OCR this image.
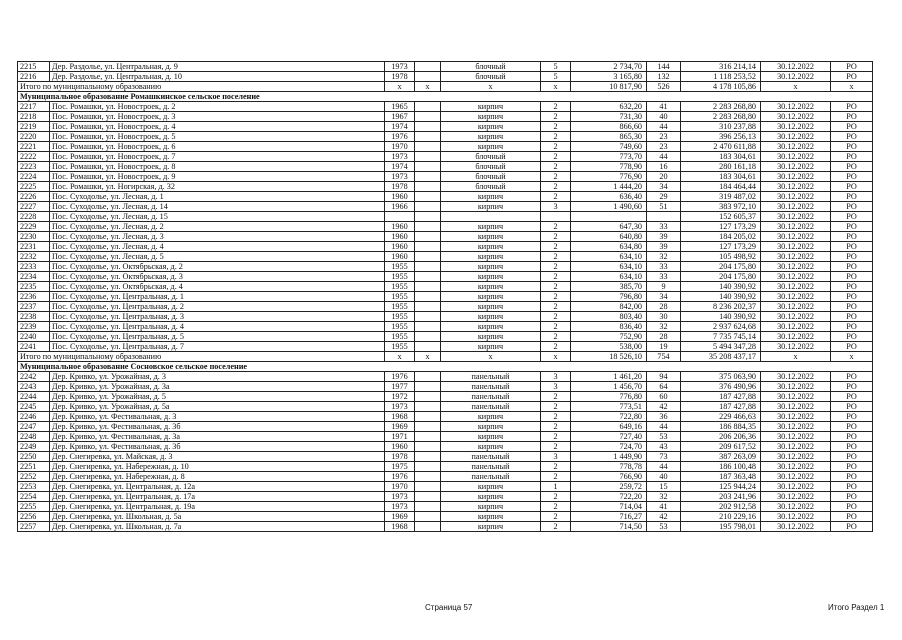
2215	Дер. Раздолье, ул. Центральная, д. 9	1973		блочный	5	2 734,70	144	316 214,14	30.12.2022	РО
2216	Дер. Раздолье, ул. Центральная, д. 10	1978		блочный	5	3 165,80	132	1 118 253,52	30.12.2022	РО
Итого по муниципальному образованию		x	x	x	x	10 817,90	526	4 178 105,86	x	x
Муниципальное образование Ромашкинское сельское поселение										
2217	Пос. Ромашки, ул. Новостроек, д. 2	1965		кирпич	2	632,20	41	2 283 268,80	30.12.2022	РО
2218	Пос. Ромашки, ул. Новостроек, д. 3	1967		кирпич	2	731,30	40	2 283 268,80	30.12.2022	РО
2219	Пос. Ромашки, ул. Новостроек, д. 4	1974		кирпич	2	866,60	44	310 237,88	30.12.2022	РО
2220	Пос. Ромашки, ул. Новостроек, д. 5	1976		кирпич	2	865,30	23	396 256,13	30.12.2022	РО
2221	Пос. Ромашки, ул. Новостроек, д. 6	1970		кирпич	2	749,60	23	2 470 611,88	30.12.2022	РО
2222	Пос. Ромашки, ул. Новостроек, д. 7	1973		блочный	2	773,70	44	183 304,61	30.12.2022	РО
2223	Пос. Ромашки, ул. Новостроек, д. 8	1974		блочный	2	778,90	16	280 161,18	30.12.2022	РО
2224	Пос. Ромашки, ул. Новостроек, д. 9	1973		блочный	2	776,90	20	183 304,61	30.12.2022	РО
2225	Пос. Ромашки, ул. Ногирская, д. 32	1978		блочный	2	1 444,20	34	184 464,44	30.12.2022	РО
2226	Пос. Суходолье, ул. Лесная, д. 1	1960		кирпич	2	636,40	29	319 487,02	30.12.2022	РО
2227	Пос. Суходолье, ул. Лесная, д. 14	1966		кирпич	3	1 490,60	51	383 972,10	30.12.2022	РО
2228	Пос. Суходолье, ул. Лесная, д. 15							152 605,37	30.12.2022	РО
2229	Пос. Суходолье, ул. Лесная, д. 2	1960		кирпич	2	647,30	33	127 173,29	30.12.2022	РО
2230	Пос. Суходолье, ул. Лесная, д. 3	1960		кирпич	2	640,80	39	184 205,02	30.12.2022	РО
2231	Пос. Суходолье, ул. Лесная, д. 4	1960		кирпич	2	634,80	39	127 173,29	30.12.2022	РО
2232	Пос. Суходолье, ул. Лесная, д. 5	1960		кирпич	2	634,10	32	105 498,92	30.12.2022	РО
2233	Пос. Суходолье, ул. Октябрьская, д. 2	1955		кирпич	2	634,10	33	204 175,80	30.12.2022	РО
2234	Пос. Суходолье, ул. Октябрьская, д. 3	1955		кирпич	2	634,10	33	204 175,80	30.12.2022	РО
2235	Пос. Суходолье, ул. Октябрьская, д. 4	1955		кирпич	2	385,70	9	140 390,92	30.12.2022	РО
2236	Пос. Суходолье, ул. Центральная, д. 1	1955		кирпич	2	796,80	34	140 390,92	30.12.2022	РО
2237	Пос. Суходолье, ул. Центральная, д. 2	1955		кирпич	2	842,00	28	8 236 202,37	30.12.2022	РО
2238	Пос. Суходолье, ул. Центральная, д. 3	1955		кирпич	2	803,40	30	140 390,92	30.12.2022	РО
2239	Пос. Суходолье, ул. Центральная, д. 4	1955		кирпич	2	836,40	32	2 937 624,68	30.12.2022	РО
2240	Пос. Суходолье, ул. Центральная, д. 5	1955		кирпич	2	752,90	28	7 735 745,14	30.12.2022	РО
2241	Пос. Суходолье, ул. Центральная, д. 7	1955		кирпич	2	538,00	19	5 494 347,28	30.12.2022	РО
Итого по муниципальному образованию		x	x	x	x	18 526,10	754	35 208 437,17	x	x
Муниципальное образование Сосновское сельское поселение										
2242	Дер. Кривко, ул. Урожайная, д. 3	1976		панельный	3	1 461,20	94	375 063,90	30.12.2022	РО
2243	Дер. Кривко, ул. Урожайная, д. 3а	1977		панельный	3	1 456,70	64	376 490,96	30.12.2022	РО
2244	Дер. Кривко, ул. Урожайная, д. 5	1972		панельный	2	776,80	60	187 427,88	30.12.2022	РО
2245	Дер. Кривко, ул. Урожайная, д. 5а	1973		панельный	2	773,51	42	187 427,88	30.12.2022	РО
2246	Дер. Кривко, ул. Фестивальная, д. 3	1968		кирпич	2	722,80	36	229 466,63	30.12.2022	РО
2247	Дер. Кривко, ул. Фестивальная, д. 3б	1969		кирпич	2	649,16	44	186 884,35	30.12.2022	РО
2248	Дер. Кривко, ул. Фестивальная, д. 3а	1971		кирпич	2	727,40	53	206 206,36	30.12.2022	РО
2249	Дер. Кривко, ул. Фестивальная, д. 3б	1960		кирпич	2	724,70	43	209 617,52	30.12.2022	РО
2250	Дер. Снегиревка, ул. Майская, д. 3	1978		панельный	3	1 449,90	73	387 263,09	30.12.2022	РО
2251	Дер. Снегиревка, ул. Набережная, д. 10	1975		панельный	2	778,78	44	186 100,48	30.12.2022	РО
2252	Дер. Снегиревка, ул. Набережная, д. 8	1976		панельный	2	766,90	40	187 363,48	30.12.2022	РО
2253	Дер. Снегиревка, ул. Центральная, д. 12а	1970		кирпич	1	259,72	15	125 944,24	30.12.2022	РО
2254	Дер. Снегиревка, ул. Центральная, д. 17а	1973		кирпич	2	722,20	32	203 241,96	30.12.2022	РО
2255	Дер. Снегиревка, ул. Центральная, д. 19а	1973		кирпич	2	714,04	41	202 912,58	30.12.2022	РО
2256	Дер. Снегиревка, ул. Школьная, д. 5а	1969		кирпич	2	716,27	42	210 229,16	30.12.2022	РО
2257	Дер. Снегиревка, ул. Школьная, д. 7а	1968		кирпич	2	714,50	53	195 798,01	30.12.2022	РО
Страница 57	Итого Раздел 1
